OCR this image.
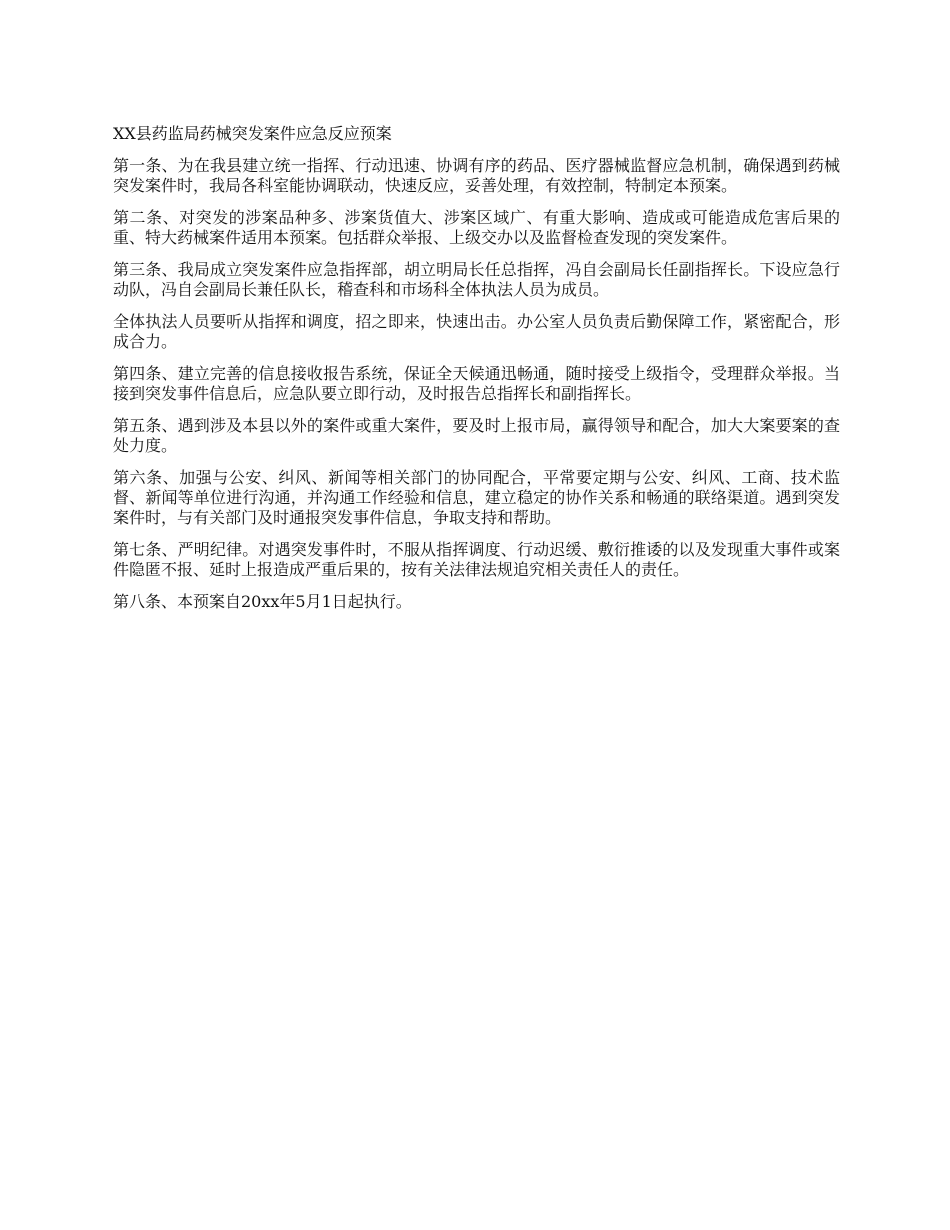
XX县药监局药械突发案件应急反应预案

第一条、为在我县建立统一指挥、行动迅速、协调有序的药品、医疗器械监督应急机制，确保遇到药械突发案件时，我局各科室能协调联动，快速反应，妥善处理，有效控制，特制定本预案。

第二条、对突发的涉案品种多、涉案货值大、涉案区域广、有重大影响、造成或可能造成危害后果的重、特大药械案件适用本预案。包括群众举报、上级交办以及监督检查发现的突发案件。

第三条、我局成立突发案件应急指挥部，胡立明局长任总指挥，冯自会副局长任副指挥长。下设应急行动队，冯自会副局长兼任队长，稽查科和市场科全体执法人员为成员。

全体执法人员要听从指挥和调度，招之即来，快速出击。办公室人员负责后勤保障工作，紧密配合，形成合力。

第四条、建立完善的信息接收报告系统，保证全天候通迅畅通，随时接受上级指令，受理群众举报。当接到突发事件信息后，应急队要立即行动，及时报告总指挥长和副指挥长。

第五条、遇到涉及本县以外的案件或重大案件，要及时上报市局，赢得领导和配合，加大大案要案的查处力度。

第六条、加强与公安、纠风、新闻等相关部门的协同配合，平常要定期与公安、纠风、工商、技术监督、新闻等单位进行沟通，并沟通工作经验和信息，建立稳定的协作关系和畅通的联络渠道。遇到突发案件时，与有关部门及时通报突发事件信息，争取支持和帮助。

第七条、严明纪律。对遇突发事件时，不服从指挥调度、行动迟缓、敷衍推诿的以及发现重大事件或案件隐匿不报、延时上报造成严重后果的，按有关法律法规追究相关责任人的责任。

第八条、本预案自20xx年5月1日起执行。
